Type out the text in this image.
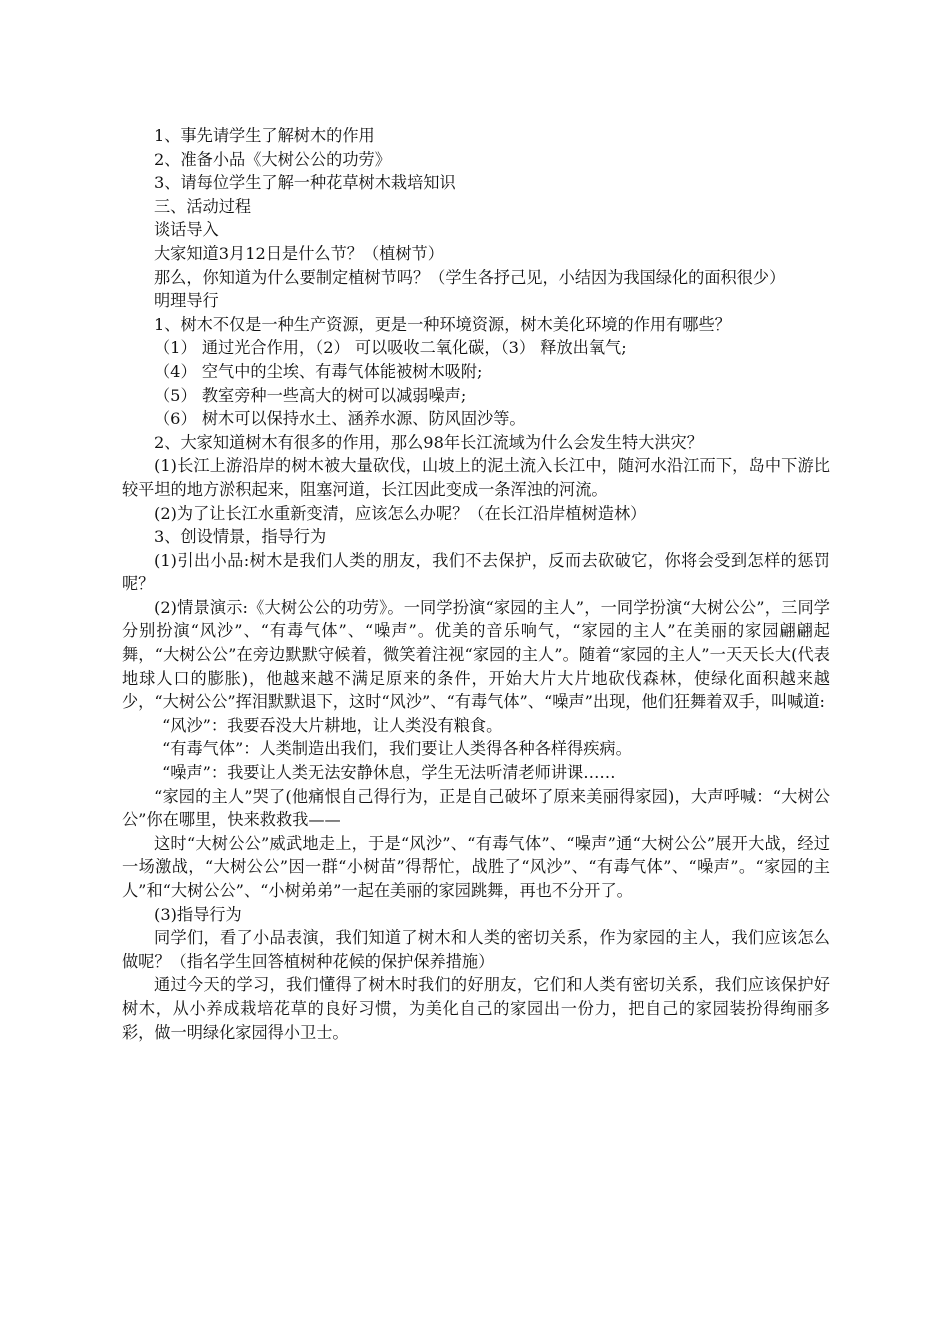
1、事先请学生了解树木的作用

2、准备小品《大树公公的功劳》

3、请每位学生了解一种花草树木栽培知识

三、活动过程

谈话导入

大家知道3月12日是什么节？（植树节）

那么，你知道为什么要制定植树节吗？（学生各抒己见，小结因为我国绿化的面积很少）

明理导行

1、树木不仅是一种生产资源，更是一种环境资源，树木美化环境的作用有哪些？

（1） 通过光合作用，（2） 可以吸收二氧化碳，（3） 释放出氧气;

（4） 空气中的尘埃、有毒气体能被树木吸附;

（5） 教室旁种一些高大的树可以减弱噪声;

（6） 树木可以保持水土、涵养水源、防风固沙等。

2、大家知道树木有很多的作用，那么98年长江流域为什么会发生特大洪灾？

(1)长江上游沿岸的树木被大量砍伐，山坡上的泥土流入长江中，随河水沿江而下，岛中下游比较平坦的地方淤积起来，阻塞河道，长江因此变成一条浑浊的河流。

(2)为了让长江水重新变清，应该怎么办呢？（在长江沿岸植树造林）

3、创设情景，指导行为

(1)引出小品:树木是我们人类的朋友，我们不去保护，反而去砍破它，你将会受到怎样的惩罚呢？

(2)情景演示:《大树公公的功劳》。一同学扮演“家园的主人”，一同学扮演“大树公公”，三同学分别扮演“风沙”、“有毒气体”、“噪声”。优美的音乐响气，“家园的主人”在美丽的家园翩翩起舞，“大树公公”在旁边默默守候着，微笑着注视“家园的主人”。随着“家园的主人”一天天长大(代表地球人口的膨胀)，他越来越不满足原来的条件，开始大片大片地砍伐森林，使绿化面积越来越少，“大树公公”挥泪默默退下，这时“风沙”、“有毒气体”、“噪声”出现，他们狂舞着双手，叫喊道:

“风沙”：我要吞没大片耕地，让人类没有粮食。

“有毒气体”：人类制造出我们，我们要让人类得各种各样得疾病。

“噪声”：我要让人类无法安静休息，学生无法听清老师讲课……

“家园的主人”哭了(他痛恨自己得行为，正是自己破坏了原来美丽得家园)，大声呼喊：“大树公公”你在哪里，快来救救我——

这时“大树公公”威武地走上，于是“风沙”、“有毒气体”、“噪声”通“大树公公”展开大战，经过一场激战，“大树公公”因一群“小树苗”得帮忙，战胜了“风沙”、“有毒气体”、“噪声”。“家园的主人”和“大树公公”、“小树弟弟”一起在美丽的家园跳舞，再也不分开了。

(3)指导行为

同学们，看了小品表演，我们知道了树木和人类的密切关系，作为家园的主人，我们应该怎么做呢？（指名学生回答植树种花候的保护保养措施）

通过今天的学习，我们懂得了树木时我们的好朋友，它们和人类有密切关系，我们应该保护好树木，从小养成栽培花草的良好习惯，为美化自己的家园出一份力，把自己的家园装扮得绚丽多彩，做一明绿化家园得小卫士。
